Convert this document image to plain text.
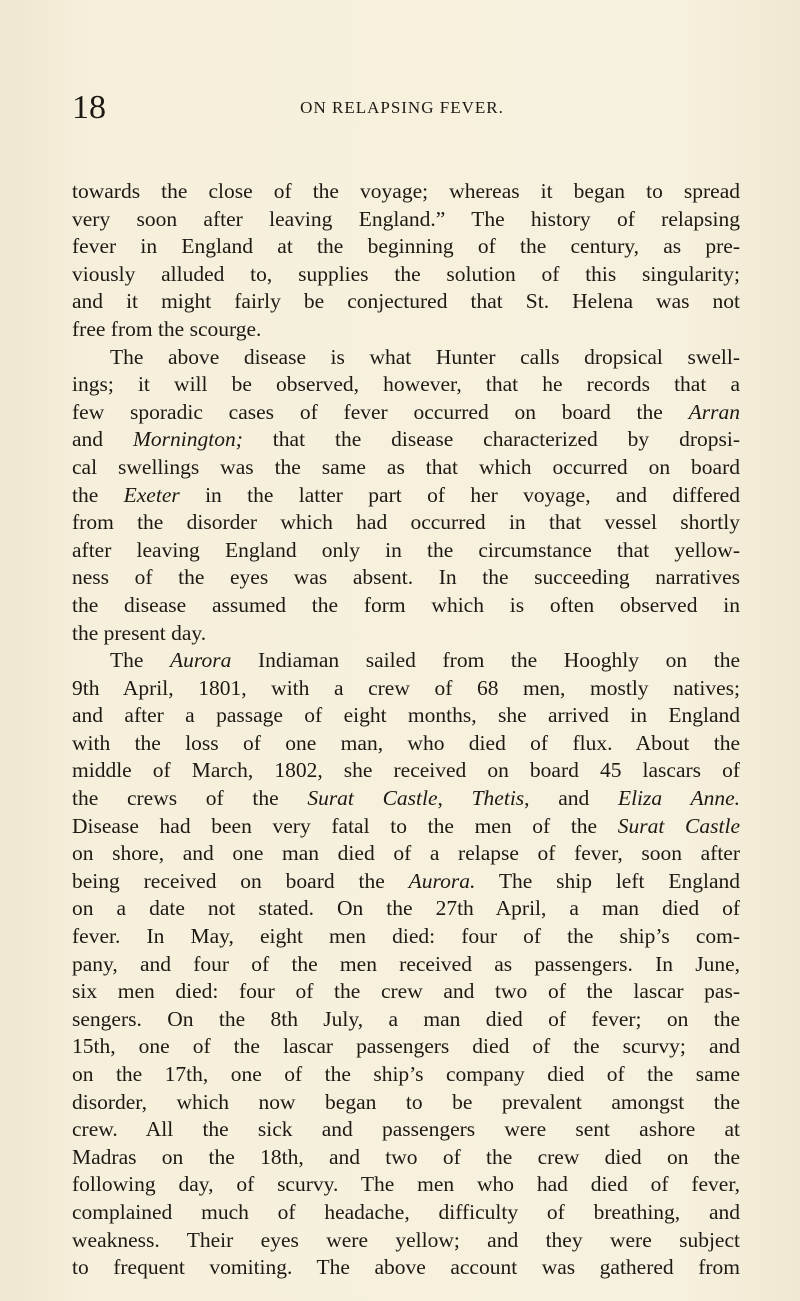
18	ON RELAPSING FEVER.
towards the close of the voyage; whereas it began to spread
very soon after leaving England.” The history of relapsing
fever in England at the beginning of the century, as pre-
viously alluded to, supplies the solution of this singularity;
and it might fairly be conjectured that St. Helena was not
free from the scourge.
The above disease is what Hunter calls dropsical swell-
ings; it will be observed, however, that he records that a
few sporadic cases of fever occurred on board the Arran
and Mornington; that the disease characterized by dropsi-
cal swellings was the same as that which occurred on board
the Exeter in the latter part of her voyage, and differed
from the disorder which had occurred in that vessel shortly
after leaving England only in the circumstance that yellow-
ness of the eyes was absent. In the succeeding narratives
the disease assumed the form which is often observed in
the present day.
The Aurora Indiaman sailed from the Hooghly on the
9th April, 1801, with a crew of 68 men, mostly natives;
and after a passage of eight months, she arrived in England
with the loss of one man, who died of flux. About the
middle of March, 1802, she received on board 45 lascars of
the crews of the Surat Castle, Thetis, and Eliza Anne.
Disease had been very fatal to the men of the Surat Castle
on shore, and one man died of a relapse of fever, soon after
being received on board the Aurora. The ship left England
on a date not stated. On the 27th April, a man died of
fever. In May, eight men died: four of the ship’s com-
pany, and four of the men received as passengers. In June,
six men died: four of the crew and two of the lascar pas-
sengers. On the 8th July, a man died of fever; on the
15th, one of the lascar passengers died of the scurvy; and
on the 17th, one of the ship’s company died of the same
disorder, which now began to be prevalent amongst the
crew. All the sick and passengers were sent ashore at
Madras on the 18th, and two of the crew died on the
following day, of scurvy. The men who had died of fever,
complained much of headache, difficulty of breathing, and
weakness. Their eyes were yellow; and they were subject
to frequent vomiting. The above account was gathered from
